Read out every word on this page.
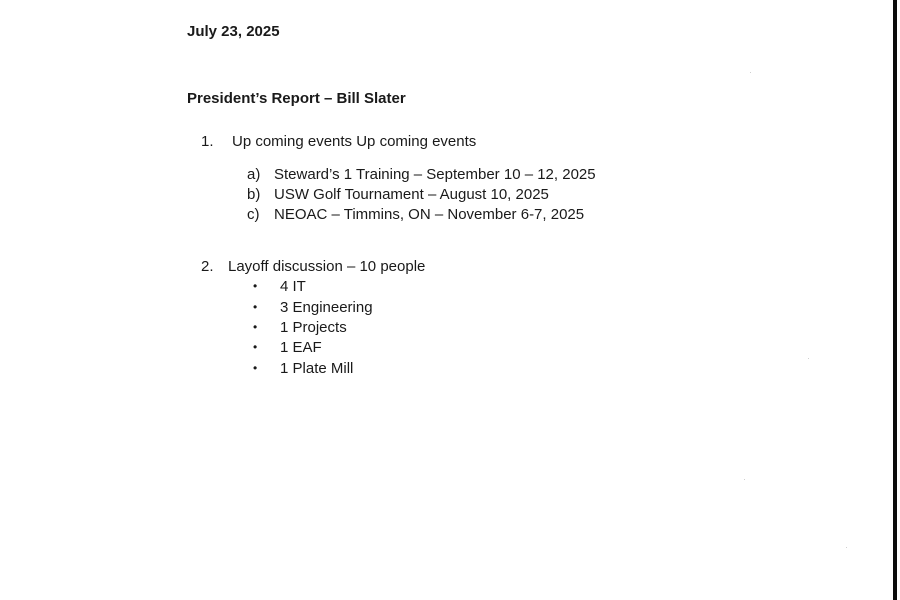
July 23, 2025
President’s Report – Bill Slater
1. Up coming events Up coming events
a) Steward’s 1 Training – September 10 – 12, 2025
b) USW Golf Tournament – August 10, 2025
c) NEOAC – Timmins, ON – November 6-7, 2025
2. Layoff discussion – 10 people
• 4 IT
• 3 Engineering
• 1 Projects
• 1 EAF
• 1 Plate Mill
